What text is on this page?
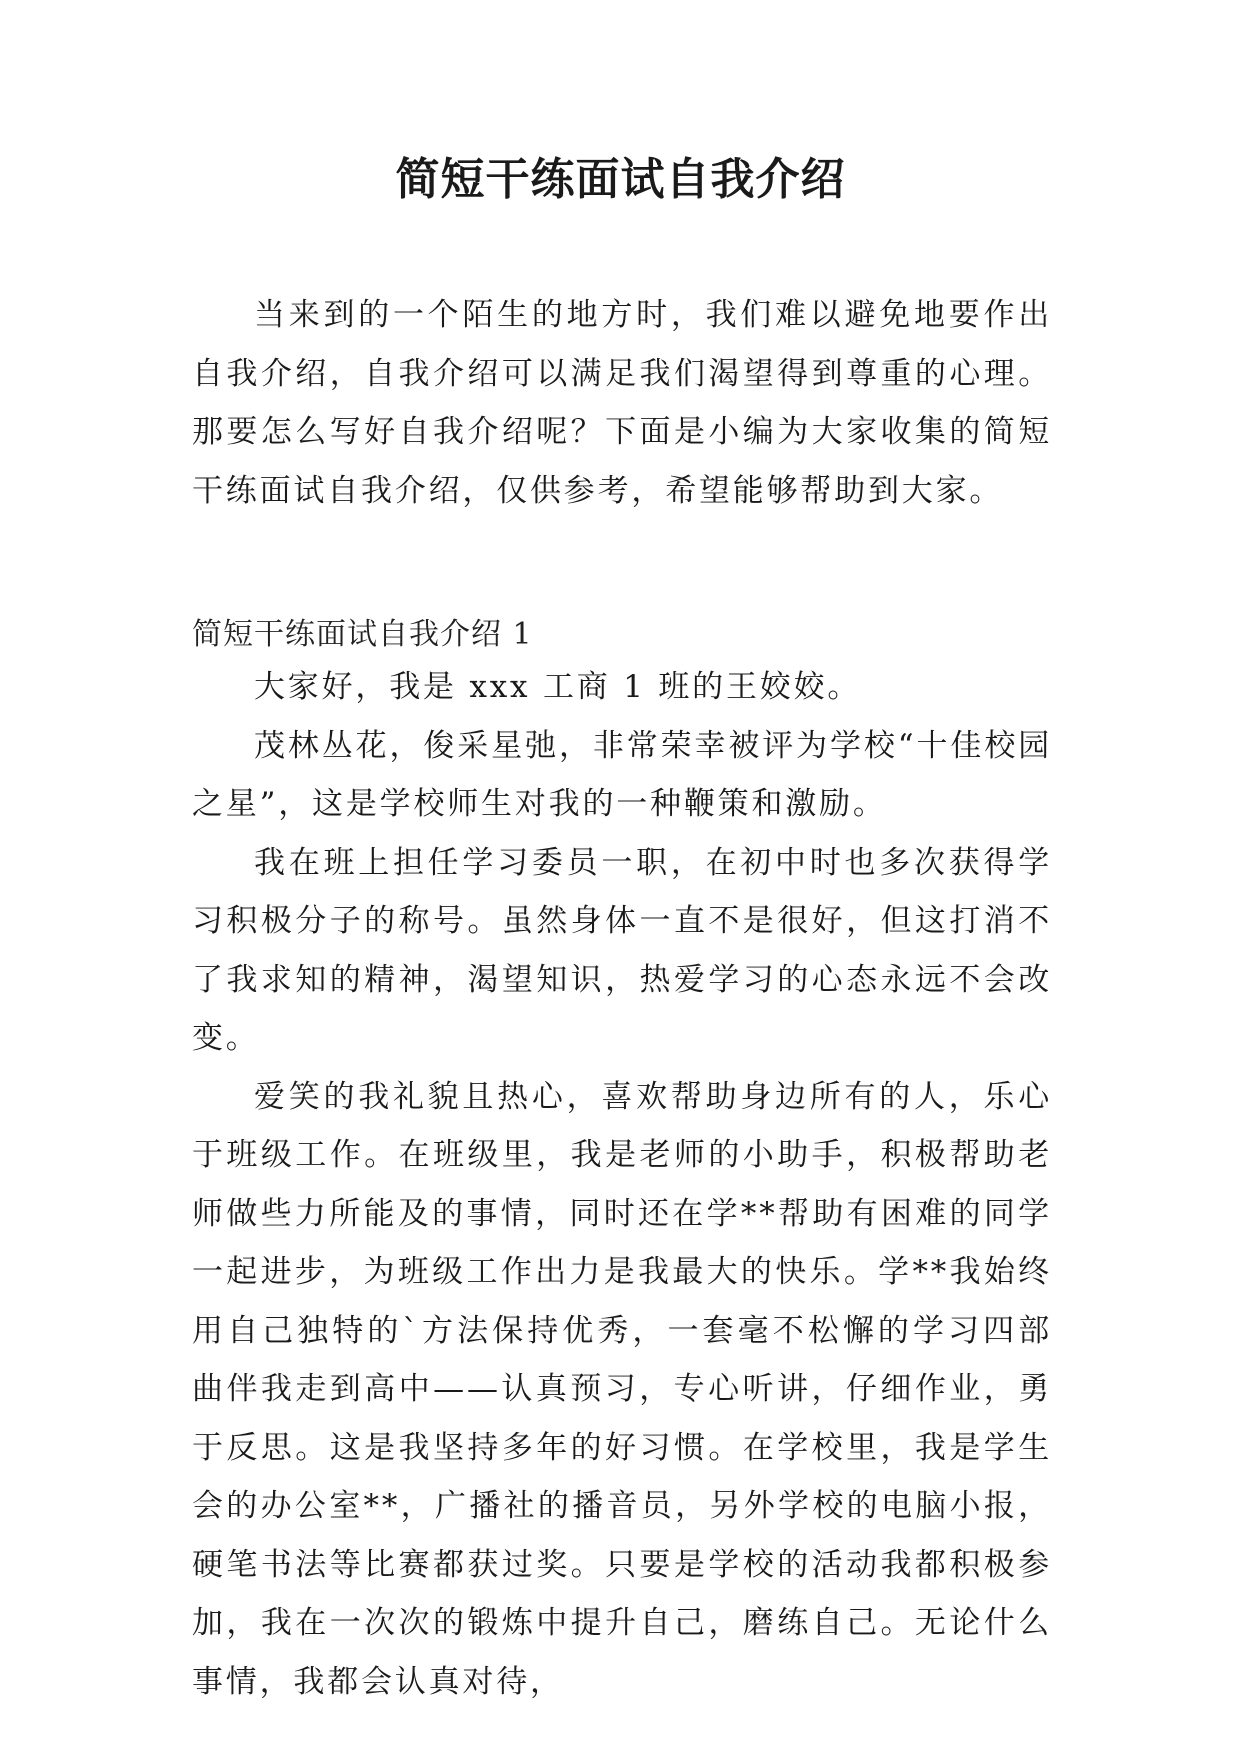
简短干练面试自我介绍

当来到的一个陌生的地方时，我们难以避免地要作出自我介绍，自我介绍可以满足我们渴望得到尊重的心理。那要怎么写好自我介绍呢？下面是小编为大家收集的简短干练面试自我介绍，仅供参考，希望能够帮助到大家。

简短干练面试自我介绍 1

大家好，我是 xxx 工商 1 班的王姣姣。

茂林丛花，俊采星弛，非常荣幸被评为学校“十佳校园之星”，这是学校师生对我的一种鞭策和激励。

我在班上担任学习委员一职，在初中时也多次获得学习积极分子的称号。虽然身体一直不是很好，但这打消不了我求知的精神，渴望知识，热爱学习的心态永远不会改变。

爱笑的我礼貌且热心，喜欢帮助身边所有的人，乐心于班级工作。在班级里，我是老师的小助手，积极帮助老师做些力所能及的事情，同时还在学**帮助有困难的同学一起进步，为班级工作出力是我最大的快乐。学**我始终用自己独特的`方法保持优秀，一套毫不松懈的学习四部曲伴我走到高中——认真预习，专心听讲，仔细作业，勇于反思。这是我坚持多年的好习惯。在学校里，我是学生会的办公室**，广播社的播音员，另外学校的电脑小报，硬笔书法等比赛都获过奖。只要是学校的活动我都积极参加，我在一次次的锻炼中提升自己，磨练自己。无论什么事情，我都会认真对待，
